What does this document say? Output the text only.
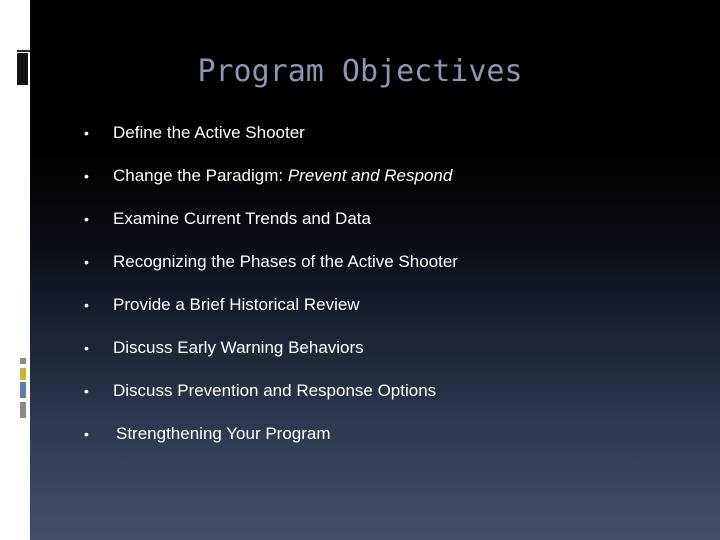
Program Objectives
• Define the Active Shooter
• Change the Paradigm: Prevent and Respond
• Examine Current Trends and Data
• Recognizing the Phases of the Active Shooter
• Provide a Brief Historical Review
• Discuss Early Warning Behaviors
• Discuss Prevention and Response Options
• Strengthening Your Program
